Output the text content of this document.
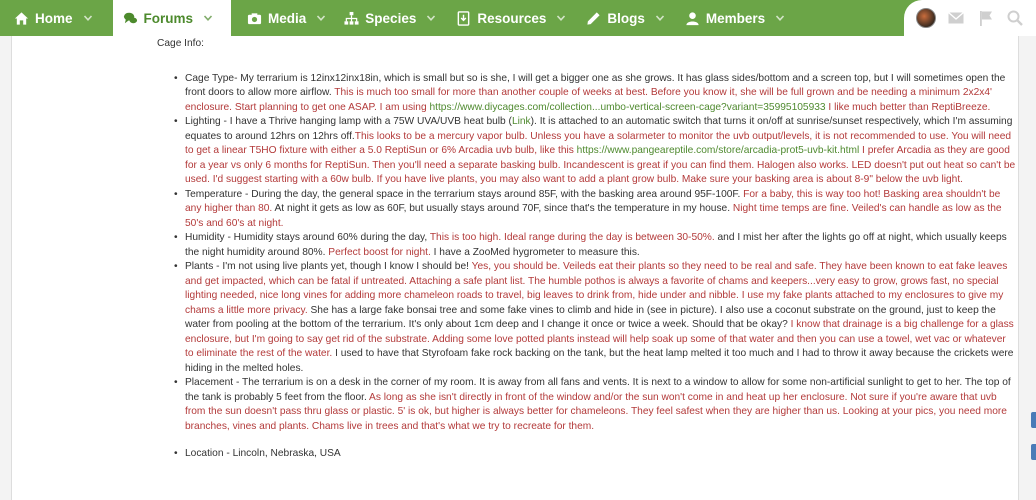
Home	Forums	Media	Species	Resources	Blogs	Members
Cage Info:
• Cage Type- My terrarium is 12inx12inx18in, which is small but so is she, I will get a bigger one as she grows. It has glass sides/bottom and a screen top, but I will sometimes open the front doors to allow more airflow. This is much too small for more than another couple of weeks at best. Before you know it, she will be full grown and be needing a minimum 2x2x4' enclosure. Start planning to get one ASAP. I am using https://www.diycages.com/collection...umbo-vertical-screen-cage?variant=35995105933 I like much better than ReptiBreeze.
• Lighting - I have a Thrive hanging lamp with a 75W UVA/UVB heat bulb (Link). It is attached to an automatic switch that turns it on/off at sunrise/sunset respectively, which I'm assuming equates to around 12hrs on 12hrs off.This looks to be a mercury vapor bulb. Unless you have a solarmeter to monitor the uvb output/levels, it is not recommended to use. You will need to get a linear T5HO fixture with either a 5.0 ReptiSun or 6% Arcadia uvb bulb, like this https://www.pangeareptile.com/store/arcadia-prot5-uvb-kit.html I prefer Arcadia as they are good for a year vs only 6 months for ReptiSun. Then you'll need a separate basking bulb. Incandescent is great if you can find them. Halogen also works. LED doesn't put out heat so can't be used. I'd suggest starting with a 60w bulb. If you have live plants, you may also want to add a plant grow bulb. Make sure your basking area is about 8-9" below the uvb light.
• Temperature - During the day, the general space in the terrarium stays around 85F, with the basking area around 95F-100F. For a baby, this is way too hot! Basking area shouldn't be any higher than 80. At night it gets as low as 60F, but usually stays around 70F, since that's the temperature in my house. Night time temps are fine. Veiled's can handle as low as the 50's and 60's at night.
• Humidity - Humidity stays around 60% during the day, This is too high. Ideal range during the day is between 30-50%. and I mist her after the lights go off at night, which usually keeps the night humidity around 80%. Perfect boost for night. I have a ZooMed hygrometer to measure this.
• Plants - I'm not using live plants yet, though I know I should be! Yes, you should be. Veileds eat their plants so they need to be real and safe. They have been known to eat fake leaves and get impacted, which can be fatal if untreated. Attaching a safe plant list. The humble pothos is always a favorite of chams and keepers...very easy to grow, grows fast, no special lighting needed, nice long vines for adding more chameleon roads to travel, big leaves to drink from, hide under and nibble. I use my fake plants attached to my enclosures to give my chams a little more privacy. She has a large fake bonsai tree and some fake vines to climb and hide in (see in picture). I also use a coconut substrate on the ground, just to keep the water from pooling at the bottom of the terrarium. It's only about 1cm deep and I change it once or twice a week. Should that be okay? I know that drainage is a big challenge for a glass enclosure, but I'm going to say get rid of the substrate. Adding some love potted plants instead will help soak up some of that water and then you can use a towel, wet vac or whatever to eliminate the rest of the water. I used to have that Styrofoam fake rock backing on the tank, but the heat lamp melted it too much and I had to throw it away because the crickets were hiding in the melted holes.
• Placement - The terrarium is on a desk in the corner of my room. It is away from all fans and vents. It is next to a window to allow for some non-artificial sunlight to get to her. The top of the tank is probably 5 feet from the floor. As long as she isn't directly in front of the window and/or the sun won't come in and heat up her enclosure. Not sure if you're aware that uvb from the sun doesn't pass thru glass or plastic. 5' is ok, but higher is always better for chameleons. They feel safest when they are higher than us. Looking at your pics, you need more branches, vines and plants. Chams live in trees and that's what we try to recreate for them.
• Location - Lincoln, Nebraska, USA
